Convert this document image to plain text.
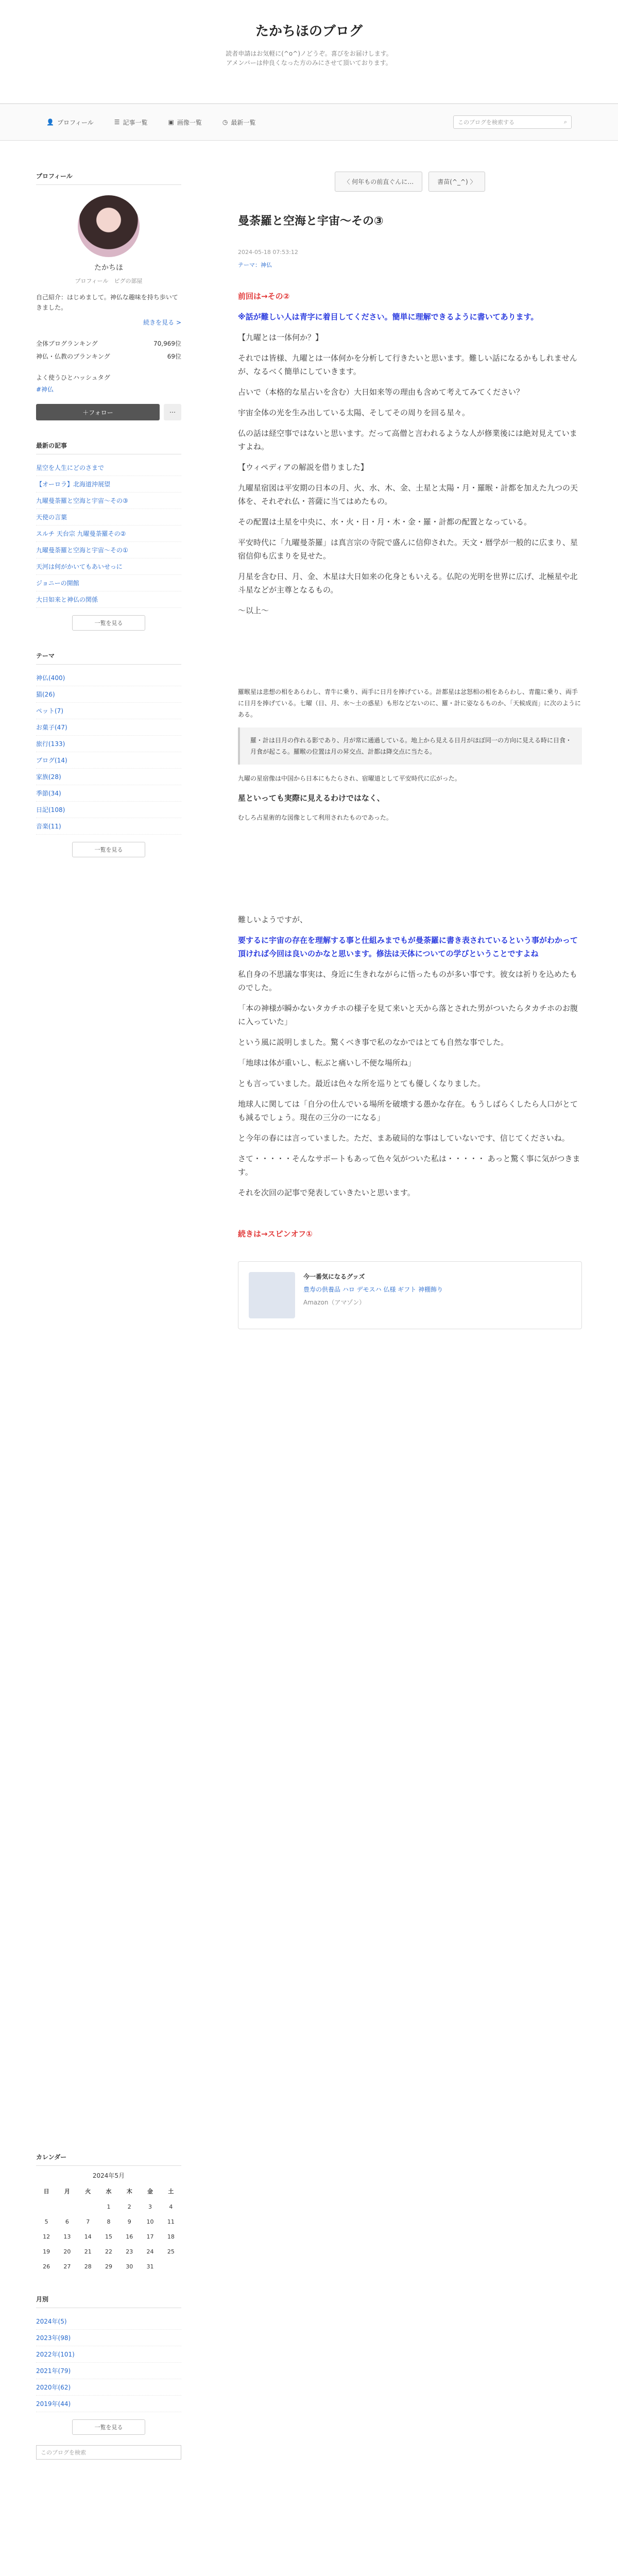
たかちほのブログ
読者申請はお気軽に(^o^)ノどうぞ。喜びをお届けします。
アメンバーは仲良くなった方のみにさせて頂いております。
👤 プロフィール	☰ 記事一覧	▣ 画像一覧	◷ 最新一覧	このブログを検索する	⌕
プロフィール
たかちほ
プロフィール　ピグの部屋
自己紹介：はじめまして。神仏な趣味を持ち歩いてきました。
続きを見る >
全体ブログランキング	70,969位
神仏・仏教のブランキング	69位
よく使うひとハッシュタグ
#神仏
＋フォロー	⋯
最新の記事
星空を人生にどのさまで
【オーロラ】北海道沖展望
九曜曼荼羅と空海と宇宙〜その③
天使の言葉
スルチ 天台宗 九曜曼荼羅その②
九曜曼荼羅と空海と宇宙〜その①
天河は何がかいてもあいせっに
ジョニーの開館
大日如来と神仏の関係
一覧を見る
テーマ
神仏(400)
猫(26)
ペット(7)
お菓子(47)
旅行(133)
ブログ(14)
家族(28)
季節(34)
日記(108)
音楽(11)
一覧を見る
カレンダー
2024年5月
日	月	火	水	木	金	土
			1	2	3	4
5	6	7	8	9	10	11
12	13	14	15	16	17	18
19	20	21	22	23	24	25
26	27	28	29	30	31	
月別
2024年(5)
2023年(98)
2022年(101)
2021年(79)
2020年(62)
2019年(44)
一覧を見る
このブログを検索
〈 何年もの前直ぐんに…	書苗(^_^) 〉
曼荼羅と空海と宇宙〜その③
2024-05-18 07:53:12
テーマ：神仏

前回は→その②

※話が難しい人は青字に着目してください。簡単に理解できるように書いてあります。

【九曜とは一体何か？】

それでは皆様、九曜とは一体何かを分析して行きたいと思います。難しい話になるかもしれませんが、なるべく簡単にしていきます。

占いで（本格的な星占いを含む）大日如来等の理由も含めて考えてみてください？

宇宙全体の光を生み出している太陽、そしてその周りを回る星々。

仏の話は経空事ではないと思います。だって高僧と言われるような人が修業後には絶対見えていますよね。

【ウィペディアの解説を借りました】

九曜星宿図は平安期の日本の月、火、水、木、金、土星と太陽・月・羅睺・計都を加えた九つの天体を、それぞれ仏・菩薩に当てはめたもの。

その配置は土星を中央に、水・火・日・月・木・金・羅・計都の配置となっている。

平安時代に「九曜曼荼羅」は真言宗の寺院で盛んに信仰された。天文・暦学が一般的に広まり、星宿信仰も広まりを見せた。

月星を含む日、月、金、木星は大日如来の化身ともいえる。仏陀の光明を世界に広げ、北極星や北斗星などが主尊となるもの。

〜以上〜

羅睺星は悲想の相をあらわし、青牛に乗り、両手に日月を捧げている。計都星は忿怒相の相をあらわし、青龍に乗り、両手に日月を捧げている。七曜（日、月、水〜土の惑星）も形などないのに、羅・計に姿なるものか、「天候成而」に次のようにある。

羅・計は日月の作れる影であり、月が常に通過している。地上から見える日月がほぼ同一の方向に見える時に日食・月食が起こる。羅睺の位置は月の昇交点、計都は降交点に当たる。

九曜の星宿像は中国から日本にもたらされ、宿曜道として平安時代に広がった。

星といっても実際に見えるわけではなく、

むしろ占星術的な図像として利用されたものであった。

難しいようですが、

要するに宇宙の存在を理解する事と仕組みまでもが曼荼羅に書き表されているという事がわかって頂ければ今回は良いのかなと思います。修法は天体についての学びということですよね

私自身の不思議な事実は、身近に生きれながらに悟ったものが多い事です。彼女は祈りを込めたものでした。

「本の神様が瞬かないタカチホの様子を見て来いと天から落とされた男がついたらタカチホのお腹に入っていた」

という風に説明しました。驚くべき事で私のなかではとても自然な事でした。

「地球は体が重いし、転ぶと痛いし不便な場所ね」

とも言っていました。最近は色々な所を巡りとても優しくなりました。

地球人に関しては「自分の仕んでいる場所を破壊する愚かな存在。もうしばらくしたら人口がとても減るでしょう。現在の三分の一になる」

と今年の春には言っていました。ただ、まあ破局的な事はしていないです、信じてくださいね。

さて・・・・・そんなサポートもあって色々気がついた私は・・・・・ あっと驚く事に気がつきます。

それを次回の記事で発表していきたいと思います。

続きは→スピンオフ①

今一番気になるグッズ
豊寿の供養品 ハロ デモスハ 仏様 ギフト 神棚飾り
Amazon（アマゾン）
